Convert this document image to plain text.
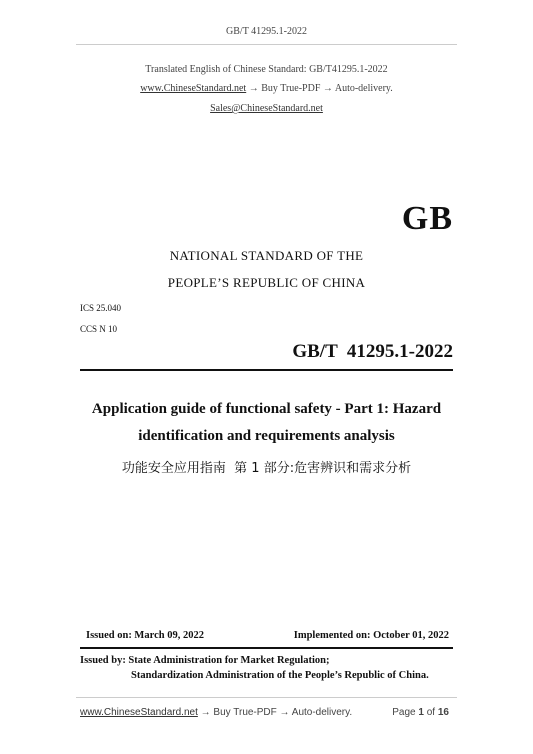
GB/T 41295.1-2022
Translated English of Chinese Standard: GB/T41295.1-2022
www.ChineseStandard.net → Buy True-PDF → Auto-delivery.
Sales@ChineseStandard.net
GB
NATIONAL STANDARD OF THE
PEOPLE’S REPUBLIC OF CHINA
ICS 25.040
CCS N 10
GB/T  41295.1-2022
Application guide of functional safety - Part 1: Hazard
identification and requirements analysis
功能安全应用指南  第 1 部分:危害辨识和需求分析
Issued on: March 09, 2022	Implemented on: October 01, 2022
Issued by: State Administration for Market Regulation;
Standardization Administration of the People’s Republic of China.
www.ChineseStandard.net → Buy True-PDF → Auto-delivery.	Page 1 of 16
